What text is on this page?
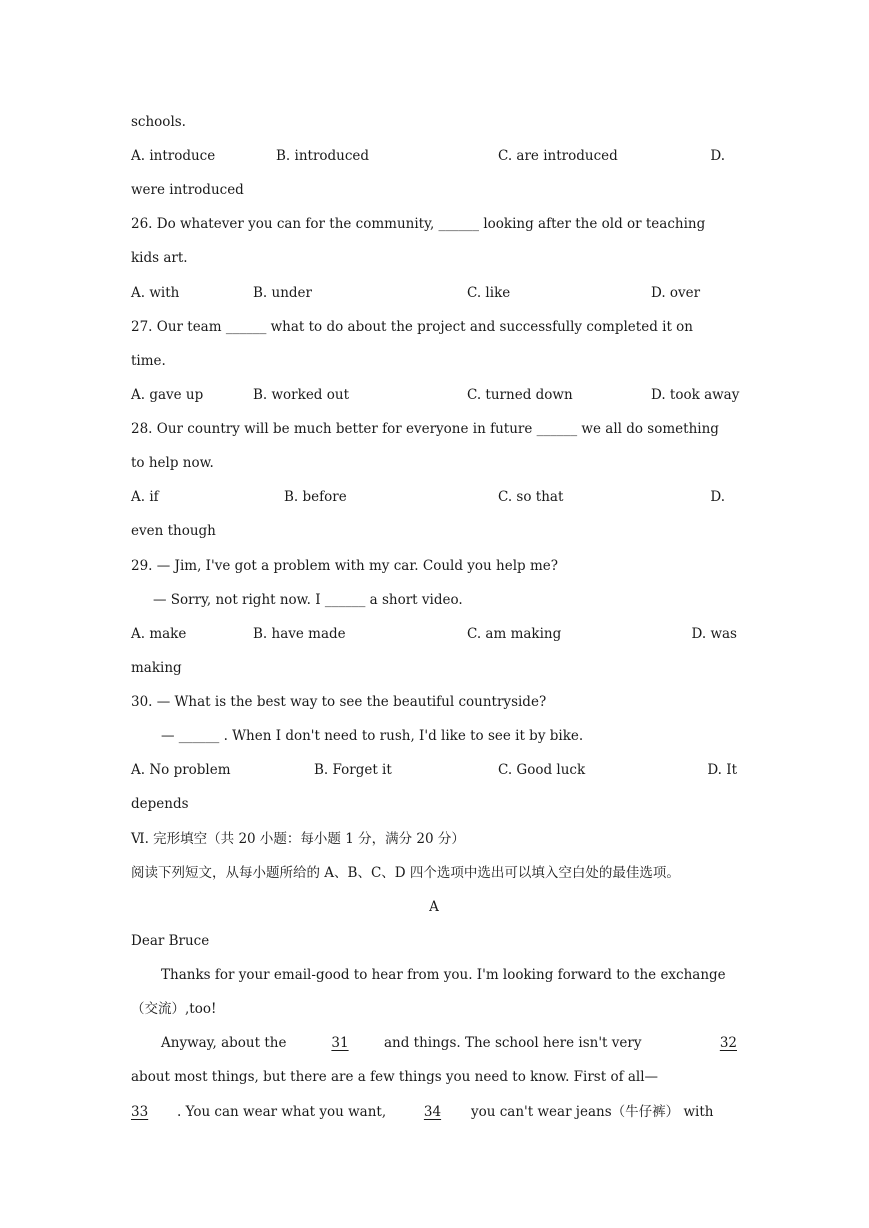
schools.
A. introduce	B. introduced	C. are introduced	D.
were introduced
26. Do whatever you can for the community, ______ looking after the old or teaching
kids art.
A. with	B. under	C. like	D. over
27. Our team ______ what to do about the project and successfully completed it on
time.
A. gave up	B. worked out	C. turned down	D. took away
28. Our country will be much better for everyone in future ______ we all do something
to help now.
A. if	B. before	C. so that	D.
even though
29. — Jim, I've got a problem with my car. Could you help me?
— Sorry, not right now. I ______ a short video.
A. make	B. have made	C. am making	D. was
making
30. — What is the best way to see the beautiful countryside?
— ______ . When I don't need to rush, I'd like to see it by bike.
A. No problem	B. Forget it	C. Good luck	D. It
depends
Ⅵ. 完形填空（共 20 小题：每小题 1 分，满分 20 分）
阅读下列短文，从每小题所给的 A、B、C、D 四个选项中选出可以填入空白处的最佳选项。
A
Dear Bruce
Thanks for your email-good to hear from you. I'm looking forward to the exchange
（交流）,too!
Anyway, about the	31	and things. The school here isn't very	32
about most things, but there are a few things you need to know. First of all—
33	. You can wear what you want,	34	you can't wear jeans（牛仔裤） with
